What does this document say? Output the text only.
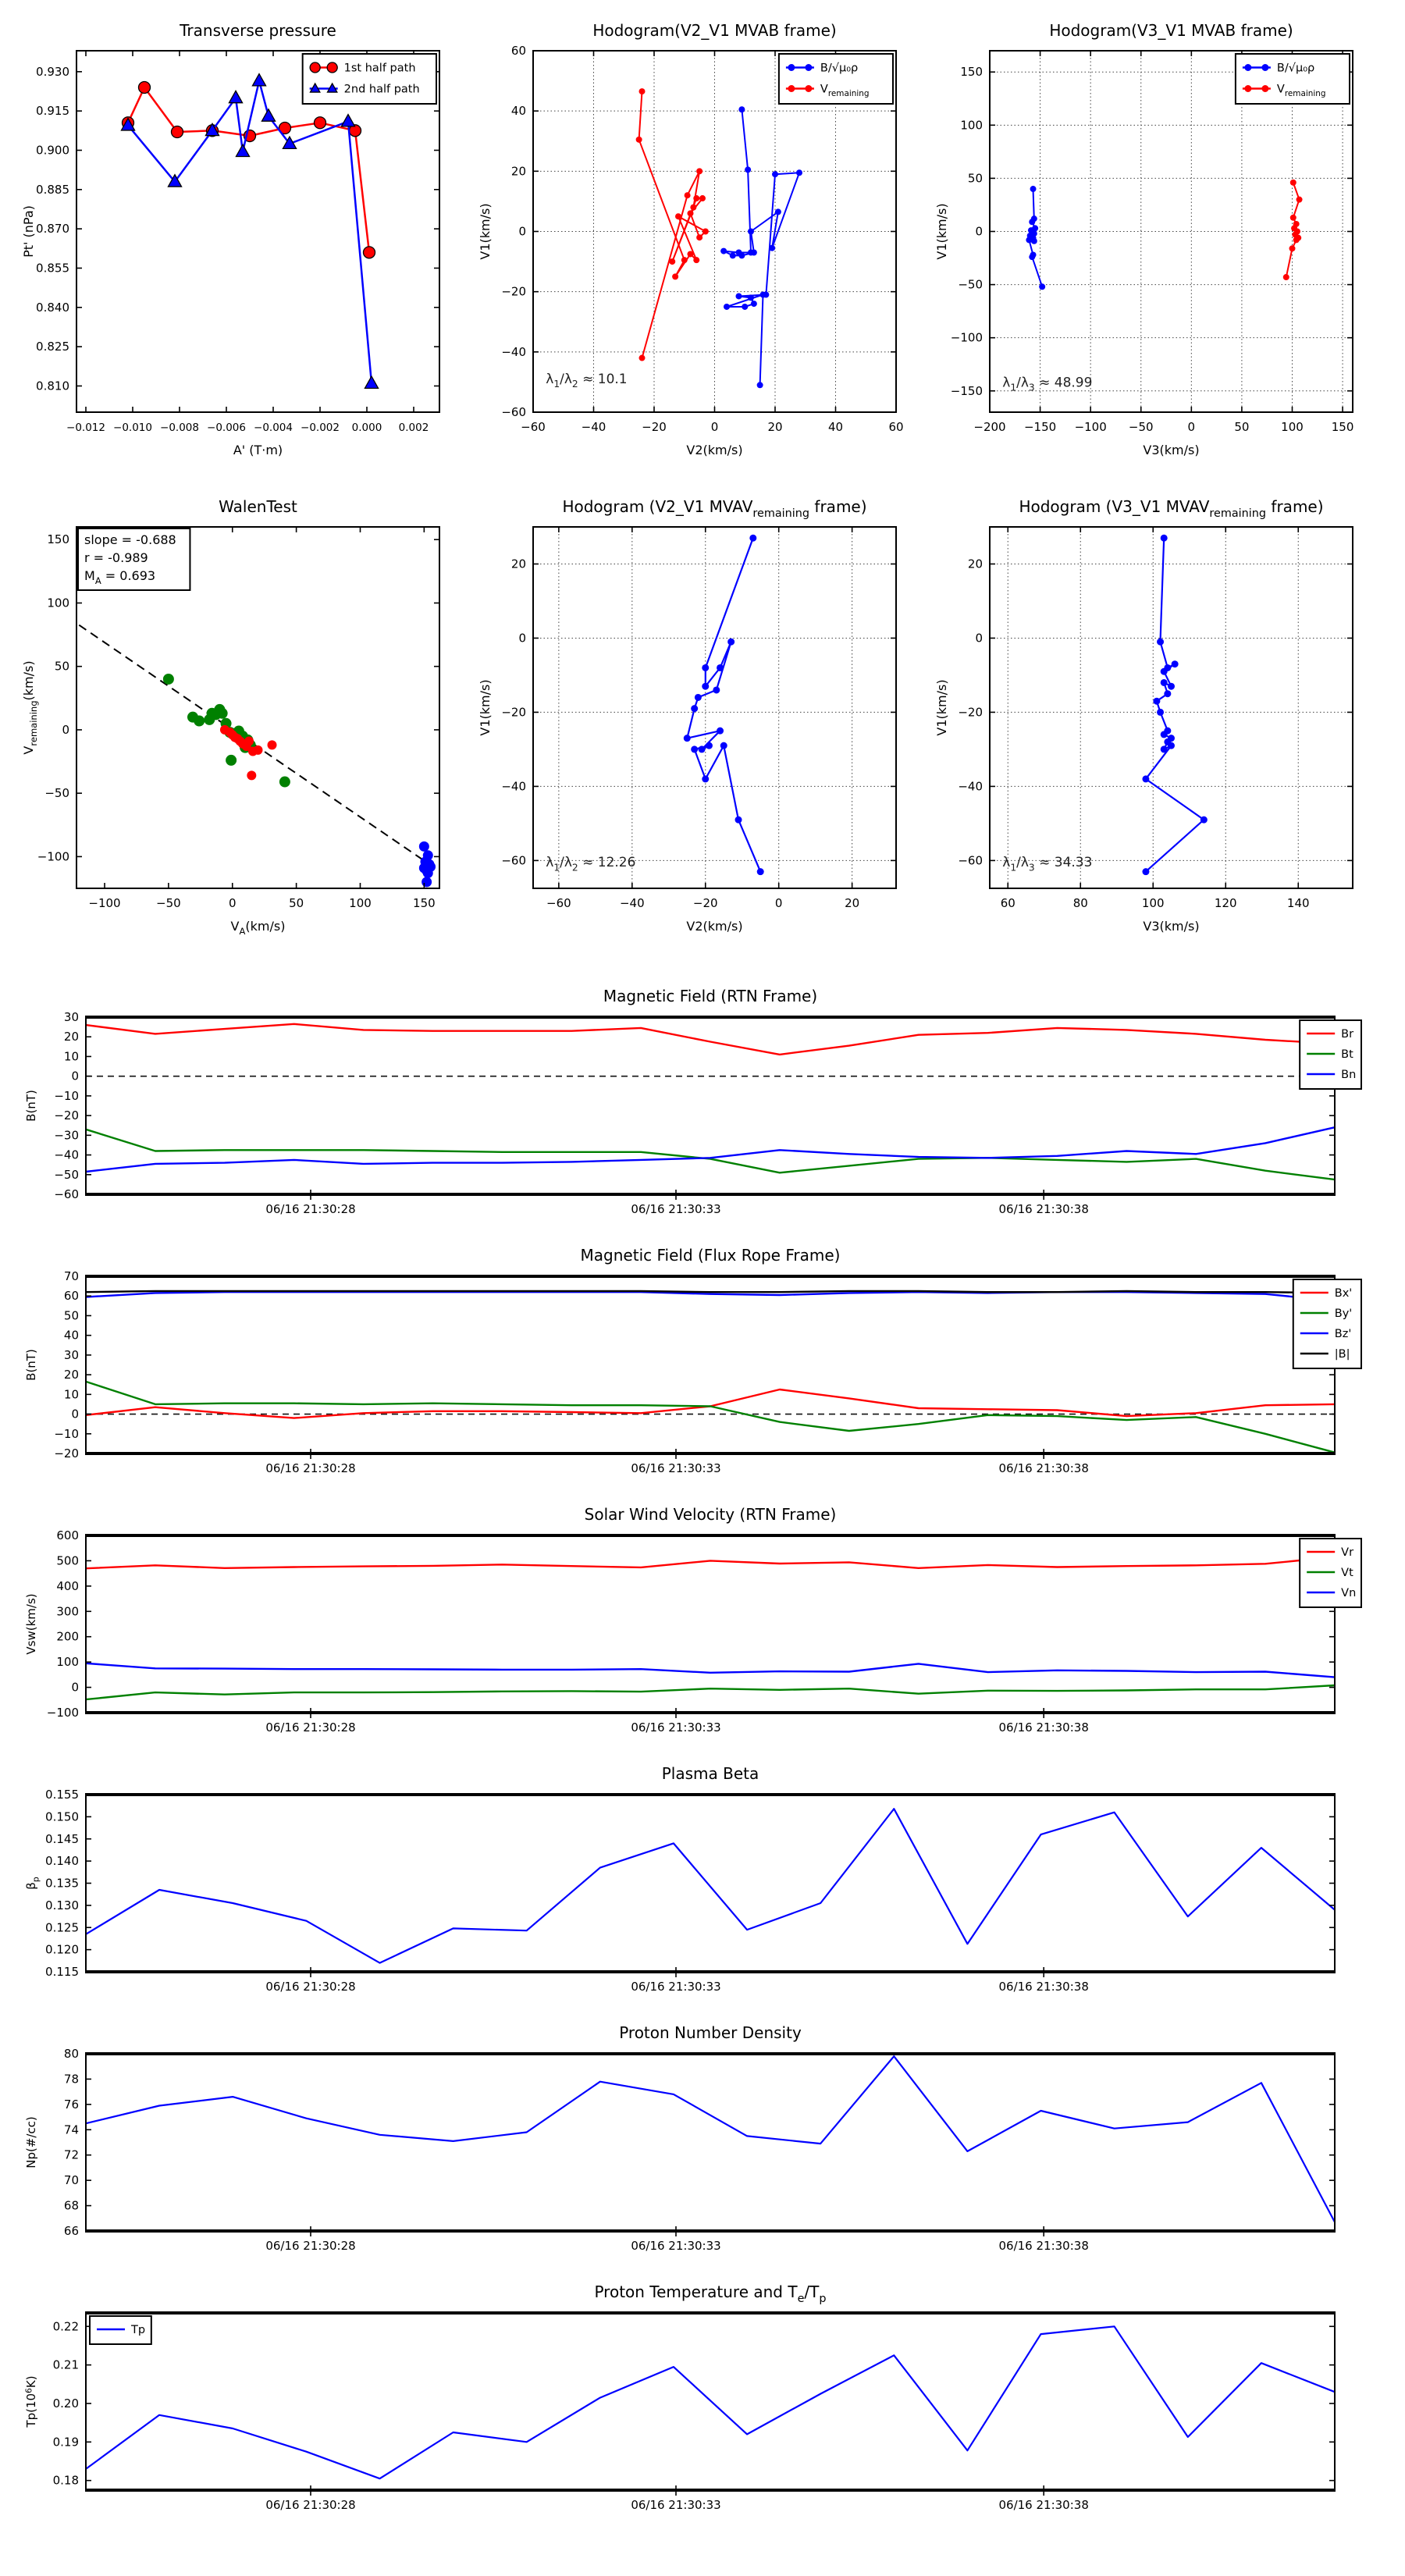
−0.012 −0.010 −0.008 −0.006 −0.004 −0.002 0.000 0.002
0.810
0.825
0.840
0.855
0.870
0.885
0.900
0.915
0.930
Transverse pressure
A' (T·m)
Pt' (nPa)
1st half path
2nd half path
−60	−40	−20	0	20	40	60
−60
−40
−20
0
20
40
60
Hodogram(V2_V1 MVAB frame)
V2(km/s)
V1(km/s)
$\lambda_1/\lambda_2 \approx 10.1$
B/√μ₀ρ
$V_{remaining}$
−200 −150 −100 −50	0	50	100 150
−150
−100
−50
0
50
100
150
Hodogram(V3_V1 MVAB frame)
V3(km/s)
V1(km/s)
$\lambda_1/\lambda_3 \approx 48.99$
B/√μ₀ρ
$V_{remaining}$
−100	−50	0	50	100	150
−100
−50
0
50
100
150
WalenTest
$V_A(km/s)$
$V_{remaining}(km/s)$
slope = -0.688
r = -0.989
$M_A = 0.693$
−60	−40	−20	0	20
−60
−40
−20
0
20
Hodogram (V2_V1 $MVAV_{remaining}$ frame)
V2(km/s)
V1(km/s)
$\lambda_1/\lambda_2 \approx 12.26$
60	80	100	120	140
−60
−40
−20
0
20
Hodogram (V3_V1 $MVAV_{remaining}$ frame)
V3(km/s)
V1(km/s)
$\lambda_1/\lambda_3 \approx 34.33$
06/16 21:30:28	06/16 21:30:33	06/16 21:30:38
30
20
10
0
−10
−20
−30
−40
−50
−60
Magnetic Field (RTN Frame)
B(nT)
Br
Bt
Bn
06/16 21:30:28	06/16 21:30:33	06/16 21:30:38
70
60
50
40
30
20
10
0
−10
−20
Magnetic Field (Flux Rope Frame)
B(nT)
Bx'
By'
Bz'
|B|
06/16 21:30:28	06/16 21:30:33	06/16 21:30:38
600
500
400
300
200
100
0
−100
Solar Wind Velocity (RTN Frame)
Vsw(km/s)
Vr
Vt
Vn
06/16 21:30:28	06/16 21:30:33	06/16 21:30:38
0.115
0.120
0.125
0.130
0.135
0.140
0.145
0.150
0.155
Plasma Beta
$\beta_p$
06/16 21:30:28	06/16 21:30:33	06/16 21:30:38
66
68
70
72
74
76
78
80
Proton Number Density
Np(#/cc)
06/16 21:30:28	06/16 21:30:33	06/16 21:30:38
0.18
0.19
0.20
0.21
0.22
Proton Temperature and $T_e/T_p$
$Tp(10^6K)$
Tp
